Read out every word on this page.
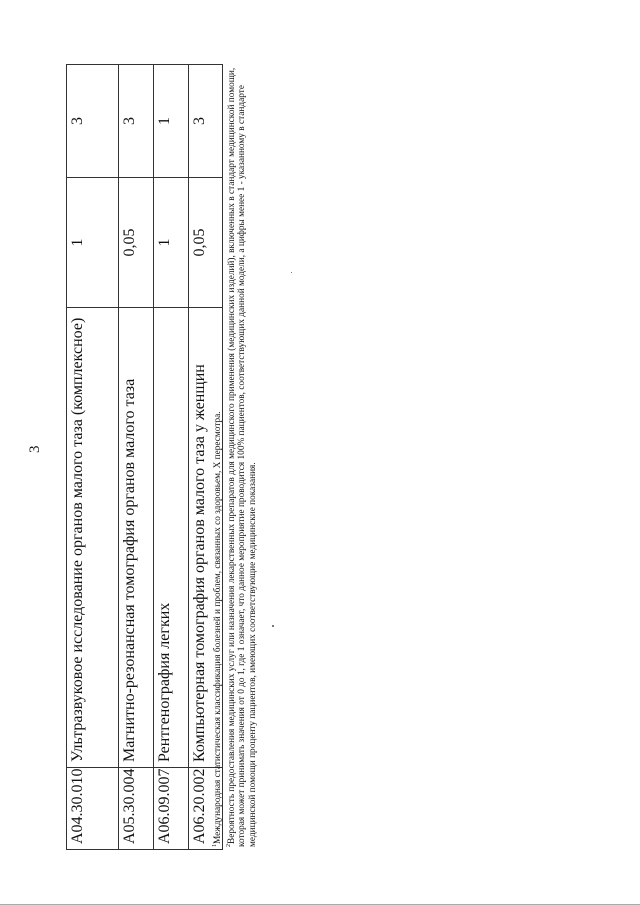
3
A04.30.010	Ультразвуковое исследование органов малого таза (комплексное)	1	3
A05.30.004	Магнитно-резонансная томография органов малого таза	0,05	3
A06.09.007	Рентгенография легких	1	1
A06.20.002	Компьютерная томография органов малого таза у женщин	0,05	3

$^1$Международная статистическая классификация болезней и проблем, связанных со здоровьем, X пересмотра.

$^2$Вероятность предоставления медицинских услуг или назначения лекарственных препаратов для медицинского применения (медицинских изделий), включенных в стандарт медицинской помощи, которая может принимать значения от 0 до 1, где 1 означает, что данное мероприятие проводится 100% пациентов, соответствующих данной модели, а цифры менее 1 - указанному в стандарте медицинской помощи проценту пациентов, имеющих соответствующие медицинские показания.
